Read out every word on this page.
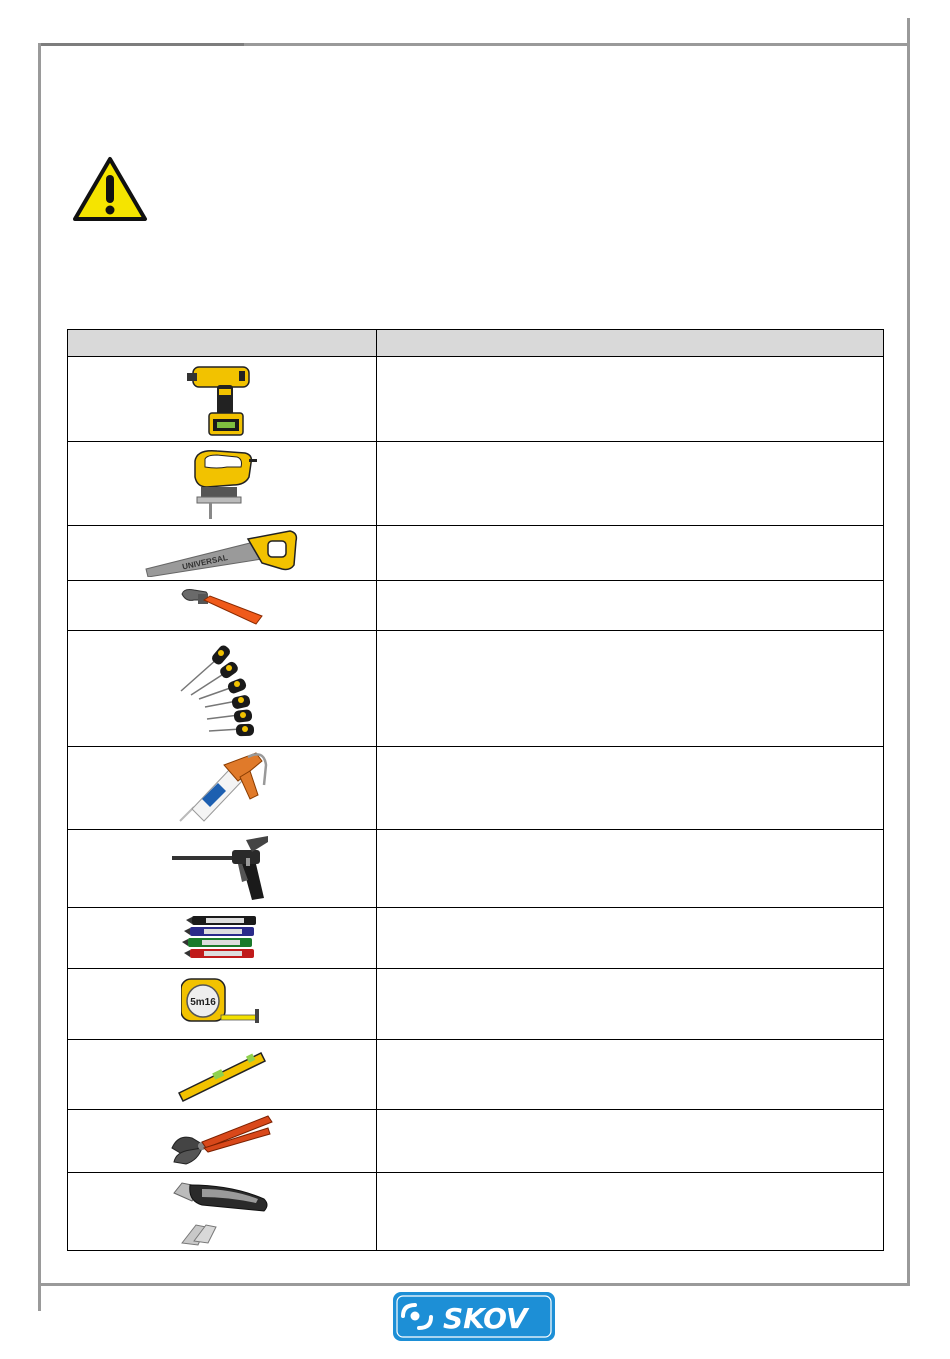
UNIVERSAL	

5m16	

SKOV
